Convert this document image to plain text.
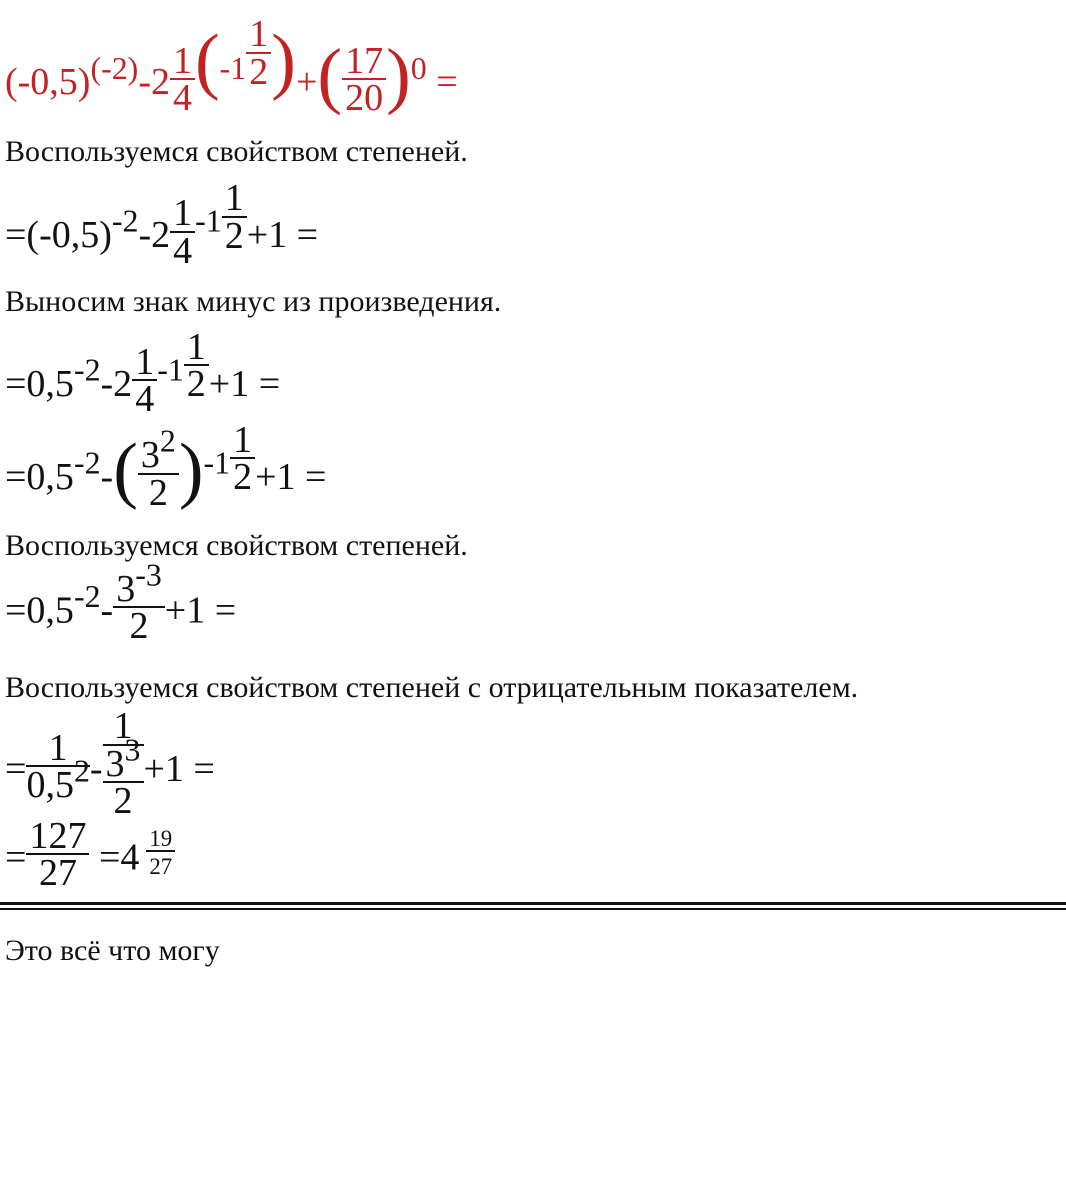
$(-0,5)^{(-2)}-2 \frac{1}{4} (^{-1} \frac{1}{2}$ )+( $\frac{17}{20} )^0$ =
Воспользуемся свойством степеней.
$=(-0,5)^{-2}-2 \frac{1}{4} ^{-1} \frac{1}{2} +1$ =
Выносим знак минус из произведения.
$=0,5^{-2}-2 \frac{1}{4} ^{-1} \frac{1}{2} +1$ =
$=0,5^{-2}-( \frac{3^2}{2} )^{-1} \frac{1}{2} +1$ =
Воспользуемся свойством степеней.
$=0,5^{-2}- \frac{3^{-3}}{2} +1$ =
Воспользуемся свойством степеней с отрицательным показателем.
= $\frac{1}{0,5^2} - \frac{1}{\frac{3^3}{2}} +1$ =
= $\frac{127}{27} =4 \frac{19}{27}$
Это всё что могу
